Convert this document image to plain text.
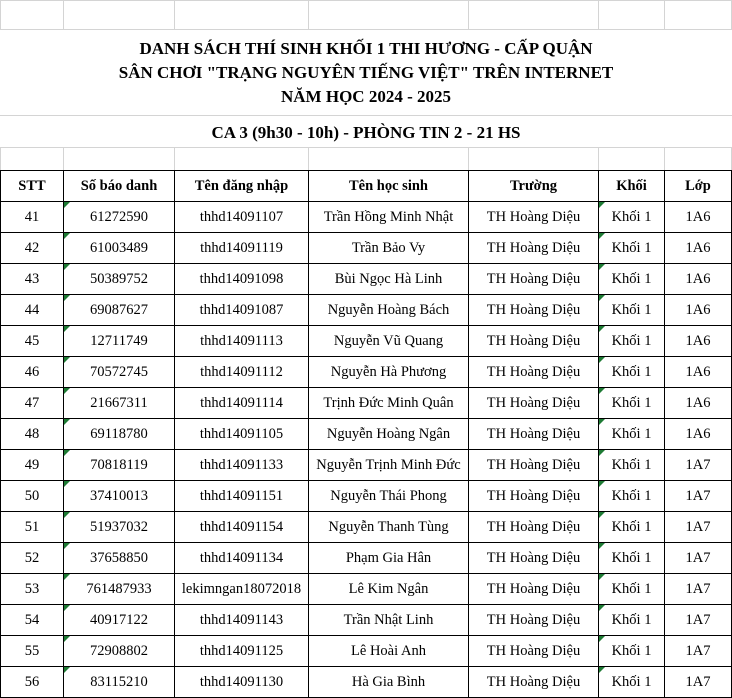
DANH SÁCH THÍ SINH KHỐI 1 THI HƯƠNG - CẤP QUẬN
SÂN CHƠI "TRẠNG NGUYÊN TIẾNG VIỆT" TRÊN INTERNET
NĂM HỌC 2024 - 2025
CA 3 (9h30 - 10h) - PHÒNG TIN 2 - 21 HS
STT	Số báo danh	Tên đăng nhập	Tên học sinh	Trường	Khối	Lớp
41	61272590	thhd14091107	Trần Hồng Minh Nhật	TH Hoàng Diệu	Khối 1	1A6
42	61003489	thhd14091119	Trần Bảo Vy	TH Hoàng Diệu	Khối 1	1A6
43	50389752	thhd14091098	Bùi Ngọc Hà Linh	TH Hoàng Diệu	Khối 1	1A6
44	69087627	thhd14091087	Nguyễn Hoàng Bách	TH Hoàng Diệu	Khối 1	1A6
45	12711749	thhd14091113	Nguyễn Vũ Quang	TH Hoàng Diệu	Khối 1	1A6
46	70572745	thhd14091112	Nguyễn Hà Phương	TH Hoàng Diệu	Khối 1	1A6
47	21667311	thhd14091114	Trịnh Đức Minh Quân	TH Hoàng Diệu	Khối 1	1A6
48	69118780	thhd14091105	Nguyễn Hoàng Ngân	TH Hoàng Diệu	Khối 1	1A6
49	70818119	thhd14091133	Nguyễn Trịnh Minh Đức	TH Hoàng Diệu	Khối 1	1A7
50	37410013	thhd14091151	Nguyễn Thái Phong	TH Hoàng Diệu	Khối 1	1A7
51	51937032	thhd14091154	Nguyễn Thanh Tùng	TH Hoàng Diệu	Khối 1	1A7
52	37658850	thhd14091134	Phạm Gia Hân	TH Hoàng Diệu	Khối 1	1A7
53	761487933	lekimngan18072018	Lê Kim Ngân	TH Hoàng Diệu	Khối 1	1A7
54	40917122	thhd14091143	Trần Nhật Linh	TH Hoàng Diệu	Khối 1	1A7
55	72908802	thhd14091125	Lê Hoài Anh	TH Hoàng Diệu	Khối 1	1A7
56	83115210	thhd14091130	Hà Gia Bình	TH Hoàng Diệu	Khối 1	1A7
